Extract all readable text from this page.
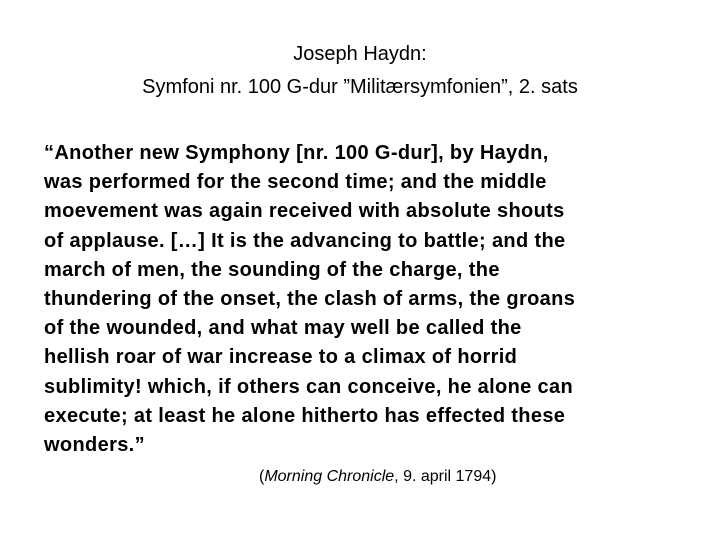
Joseph Haydn:
Symfoni nr. 100 G-dur ”Militærsymfonien”, 2. sats
“Another new Symphony [nr. 100 G-dur], by Haydn,
was performed for the second time; and the middle
moevement was again received with absolute shouts
of applause. […] It is the advancing to battle; and the
march of men, the sounding of the charge, the
thundering of the onset, the clash of arms, the groans
of the wounded, and what may well be called the
hellish roar of war increase to a climax of horrid
sublimity! which, if others can conceive, he alone can
execute; at least he alone hitherto has effected these
wonders.”
(Morning Chronicle, 9. april 1794)
